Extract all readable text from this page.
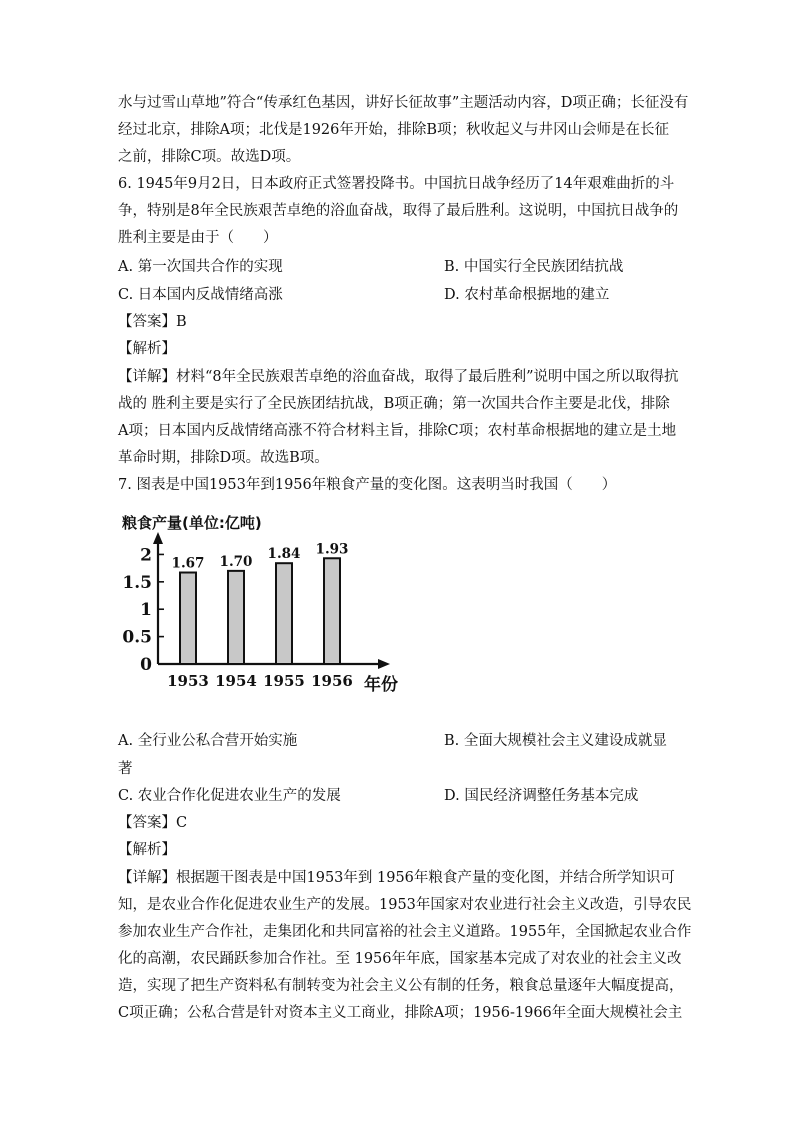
水与过雪山草地”符合“传承红色基因，讲好长征故事”主题活动内容，D项正确；长征没有
经过北京，排除A项；北伐是1926年开始，排除B项；秋收起义与井冈山会师是在长征
之前，排除C项。故选D项。
6. 1945年9月2日，日本政府正式签署投降书。中国抗日战争经历了14年艰难曲折的斗
争，特别是8年全民族艰苦卓绝的浴血奋战，取得了最后胜利。这说明，中国抗日战争的
胜利主要是由于（　　）
A. 第一次国共合作的实现	B. 中国实行全民族团结抗战
C. 日本国内反战情绪高涨	D. 农村革命根据地的建立
【答案】B
【解析】
【详解】材料“8年全民族艰苦卓绝的浴血奋战，取得了最后胜利”说明中国之所以取得抗
战的 胜利主要是实行了全民族团结抗战，B项正确；第一次国共合作主要是北伐，排除
A项；日本国内反战情绪高涨不符合材料主旨，排除C项；农村革命根据地的建立是土地
革命时期，排除D项。故选B项。
7. 图表是中国1953年到1956年粮食产量的变化图。这表明当时我国（　　）
粮食产量(单位:亿吨)
年份
0
0.5
1
1.5
2 1.67
1953
1.70
1954
1.84
1955
1.93
1956
A. 全行业公私合营开始实施	B. 全面大规模社会主义建设成就显
著
C. 农业合作化促进农业生产的发展	D. 国民经济调整任务基本完成
【答案】C
【解析】
【详解】根据题干图表是中国1953年到 1956年粮食产量的变化图，并结合所学知识可
知，是农业合作化促进农业生产的发展。1953年国家对农业进行社会主义改造，引导农民
参加农业生产合作社，走集团化和共同富裕的社会主义道路。1955年，全国掀起农业合作
化的高潮，农民踊跃参加合作社。至 1956年年底，国家基本完成了对农业的社会主义改
造，实现了把生产资料私有制转变为社会主义公有制的任务，粮食总量逐年大幅度提高，
C项正确；公私合营是针对资本主义工商业，排除A项；1956-1966年全面大规模社会主
